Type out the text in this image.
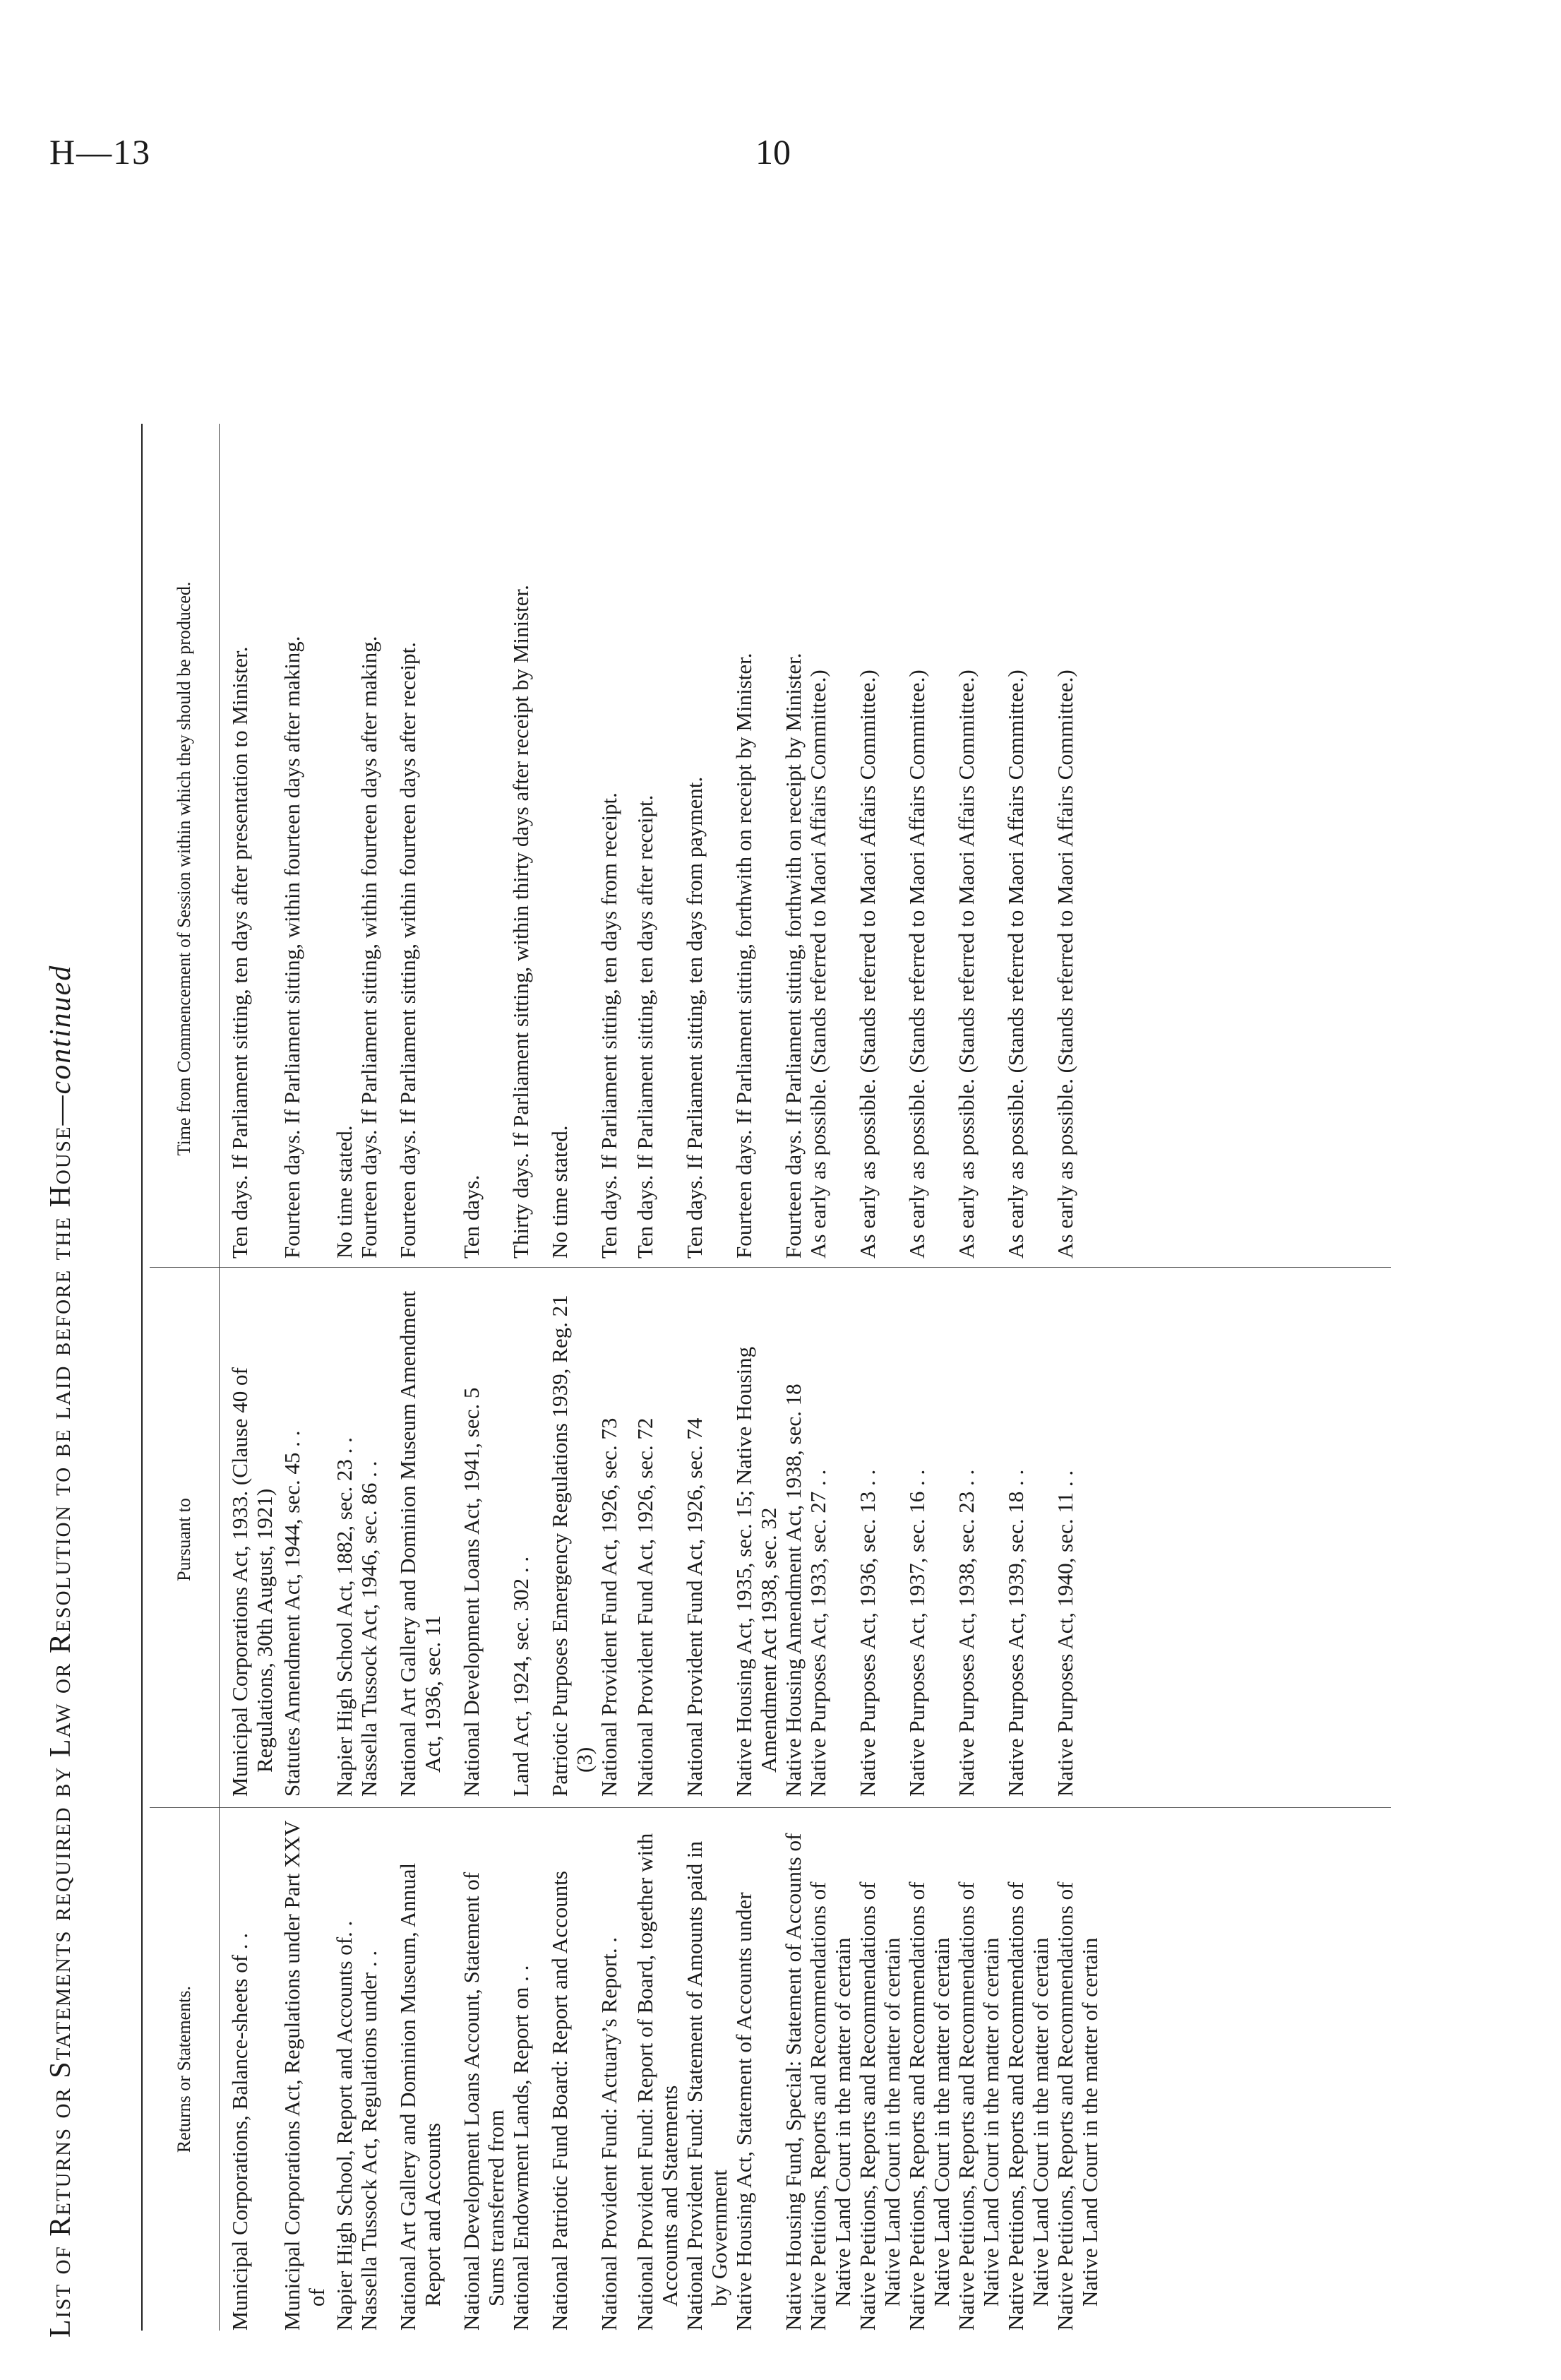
H—13	10
List of Returns or Statements required by Law or Resolution to be laid before the House—continued
Returns or Statements.
Pursuant to
Time from Commencement of Session within which they should be produced.
Municipal Corporations, Balance-sheets of . .
Municipal Corporations Act, 1933. (Clause 40 of Regulations, 30th August, 1921)
Ten days. If Parliament sitting, ten days after presentation to Minister.
Municipal Corporations Act, Regulations under Part XXV of
Statutes Amendment Act, 1944, sec. 45 . .
Fourteen days. If Parliament sitting, within fourteen days after making.
Napier High School, Report and Accounts of. .
Napier High School Act, 1882, sec. 23 . .
No time stated.
Nassella Tussock Act, Regulations under . .
Nassella Tussock Act, 1946, sec. 86 . .
Fourteen days. If Parliament sitting, within fourteen days after making.
National Art Gallery and Dominion Museum, Annual Report and Accounts
National Art Gallery and Dominion Museum Amendment Act, 1936, sec. 11
Fourteen days. If Parliament sitting, within fourteen days after receipt.
National Development Loans Account, Statement of Sums transferred from
National Development Loans Act, 1941, sec. 5
Ten days.
National Endowment Lands, Report on . .
Land Act, 1924, sec. 302 . .
Thirty days. If Parliament sitting, within thirty days after receipt by Minister.
National Patriotic Fund Board: Report and Accounts
Patriotic Purposes Emergency Regulations 1939, Reg. 21 (3)
No time stated.
National Provident Fund: Actuary’s Report. .
National Provident Fund Act, 1926, sec. 73
Ten days. If Parliament sitting, ten days from receipt.
National Provident Fund: Report of Board, together with Accounts and Statements
National Provident Fund Act, 1926, sec. 72
Ten days. If Parliament sitting, ten days after receipt.
National Provident Fund: Statement of Amounts paid in by Government
National Provident Fund Act, 1926, sec. 74
Ten days. If Parliament sitting, ten days from payment.
Native Housing Act, Statement of Accounts under
Native Housing Act, 1935, sec. 15; Native Housing Amendment Act 1938, sec. 32
Fourteen days. If Parliament sitting, forthwith on receipt by Minister.
Native Housing Fund, Special: Statement of Accounts of
Native Housing Amendment Act, 1938, sec. 18
Fourteen days. If Parliament sitting, forthwith on receipt by Minister.
Native Petitions, Reports and Recommendations of Native Land Court in the matter of certain
Native Purposes Act, 1933, sec. 27 . .
As early as possible. (Stands referred to Maori Affairs Committee.)
Native Petitions, Reports and Recommendations of Native Land Court in the matter of certain
Native Purposes Act, 1936, sec. 13 . .
As early as possible. (Stands referred to Maori Affairs Committee.)
Native Petitions, Reports and Recommendations of Native Land Court in the matter of certain
Native Purposes Act, 1937, sec. 16 . .
As early as possible. (Stands referred to Maori Affairs Committee.)
Native Petitions, Reports and Recommendations of Native Land Court in the matter of certain
Native Purposes Act, 1938, sec. 23 . .
As early as possible. (Stands referred to Maori Affairs Committee.)
Native Petitions, Reports and Recommendations of Native Land Court in the matter of certain
Native Purposes Act, 1939, sec. 18 . .
As early as possible. (Stands referred to Maori Affairs Committee.)
Native Petitions, Reports and Recommendations of Native Land Court in the matter of certain
Native Purposes Act, 1940, sec. 11 . .
As early as possible. (Stands referred to Maori Affairs Committee.)
